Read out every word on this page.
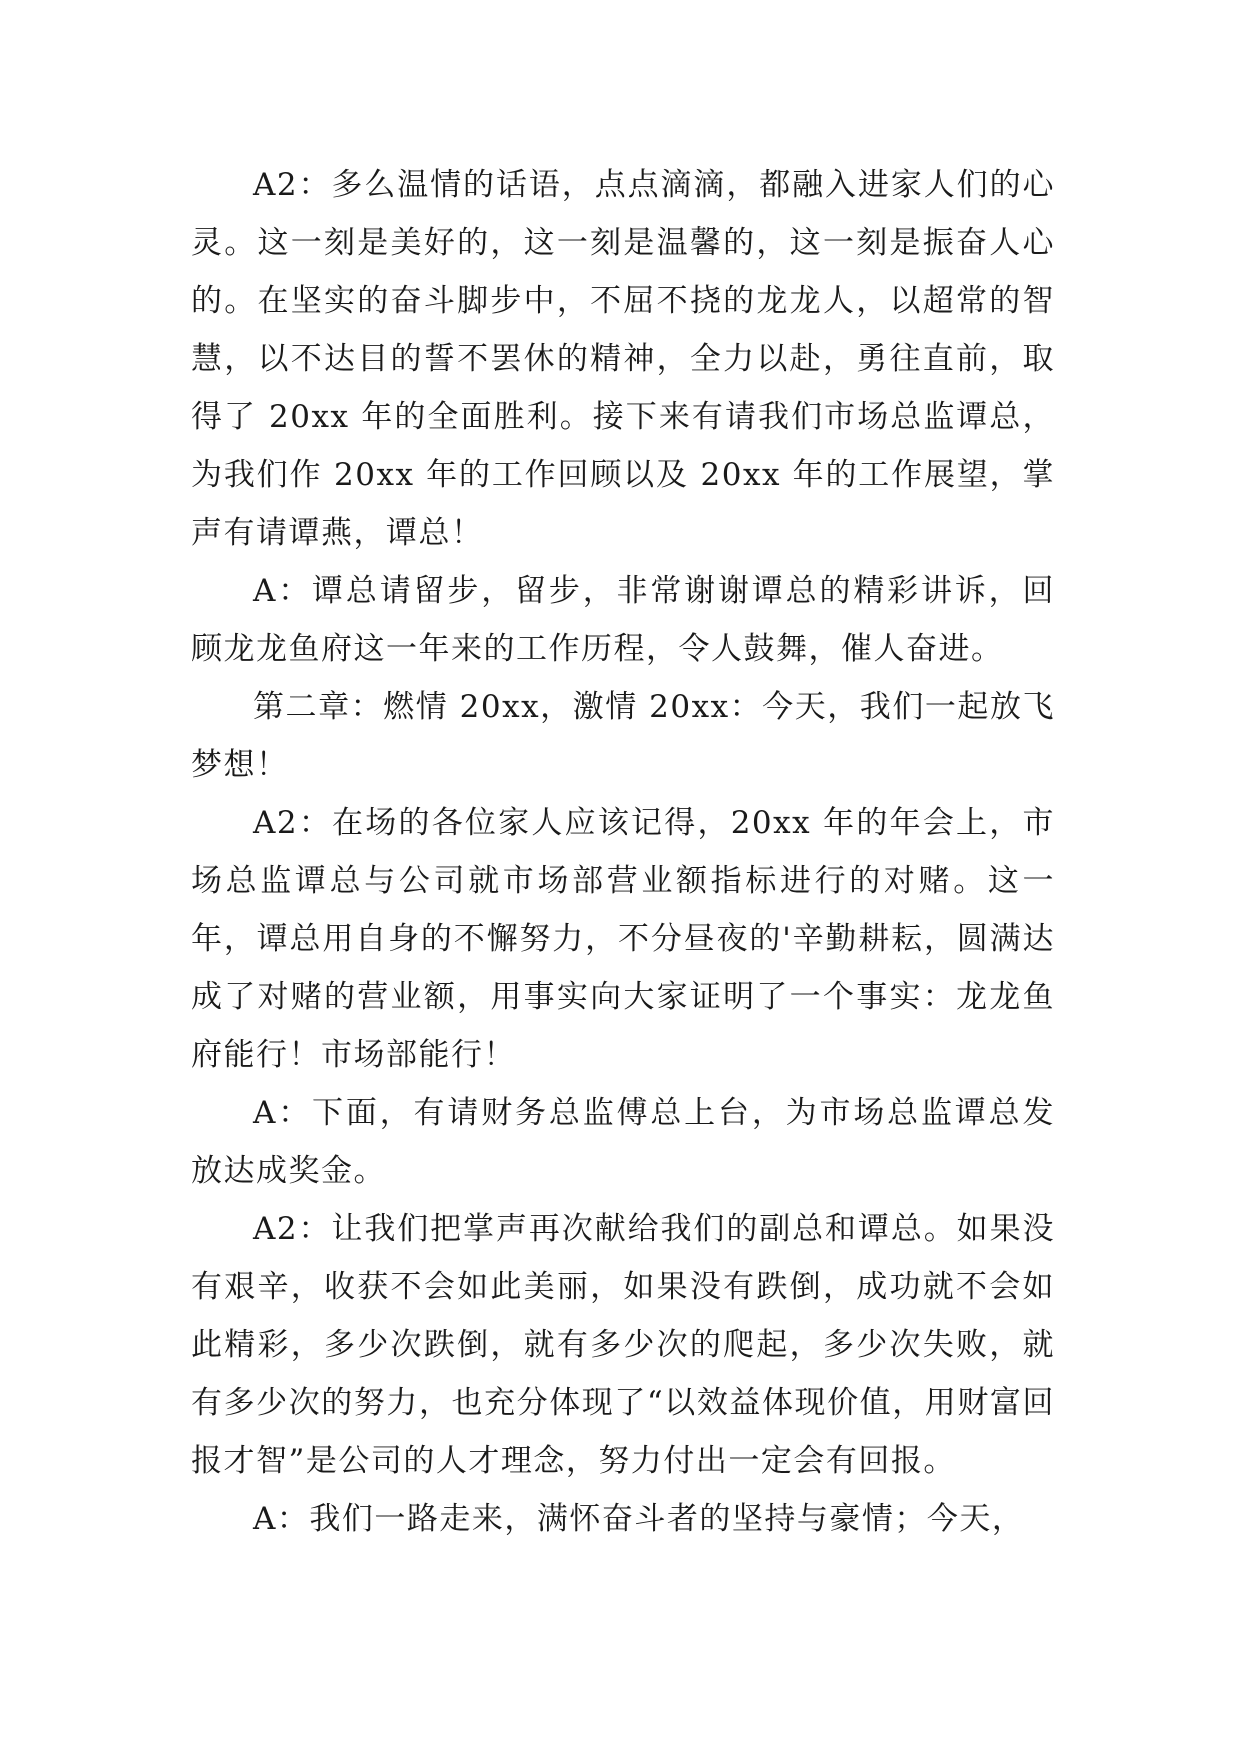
A2：多么温情的话语，点点滴滴，都融入进家人们的心灵。这一刻是美好的，这一刻是温馨的，这一刻是振奋人心的。在坚实的奋斗脚步中，不屈不挠的龙龙人，以超常的智慧，以不达目的誓不罢休的精神，全力以赴，勇往直前，取得了 20xx 年的全面胜利。接下来有请我们市场总监谭总，为我们作 20xx 年的工作回顾以及 20xx 年的工作展望，掌声有请谭燕，谭总！

A：谭总请留步，留步，非常谢谢谭总的精彩讲诉，回顾龙龙鱼府这一年来的工作历程，令人鼓舞，催人奋进。

第二章：燃情 20xx，激情 20xx：今天，我们一起放飞梦想！

A2：在场的各位家人应该记得，20xx 年的年会上，市场总监谭总与公司就市场部营业额指标进行的对赌。这一年，谭总用自身的不懈努力，不分昼夜的'辛勤耕耘，圆满达成了对赌的营业额，用事实向大家证明了一个事实：龙龙鱼府能行！市场部能行！

A：下面，有请财务总监傅总上台，为市场总监谭总发放达成奖金。

A2：让我们把掌声再次献给我们的副总和谭总。如果没有艰辛，收获不会如此美丽，如果没有跌倒，成功就不会如此精彩，多少次跌倒，就有多少次的爬起，多少次失败，就有多少次的努力，也充分体现了“以效益体现价值，用财富回报才智”是公司的人才理念，努力付出一定会有回报。

A：我们一路走来，满怀奋斗者的坚持与豪情；今天，
